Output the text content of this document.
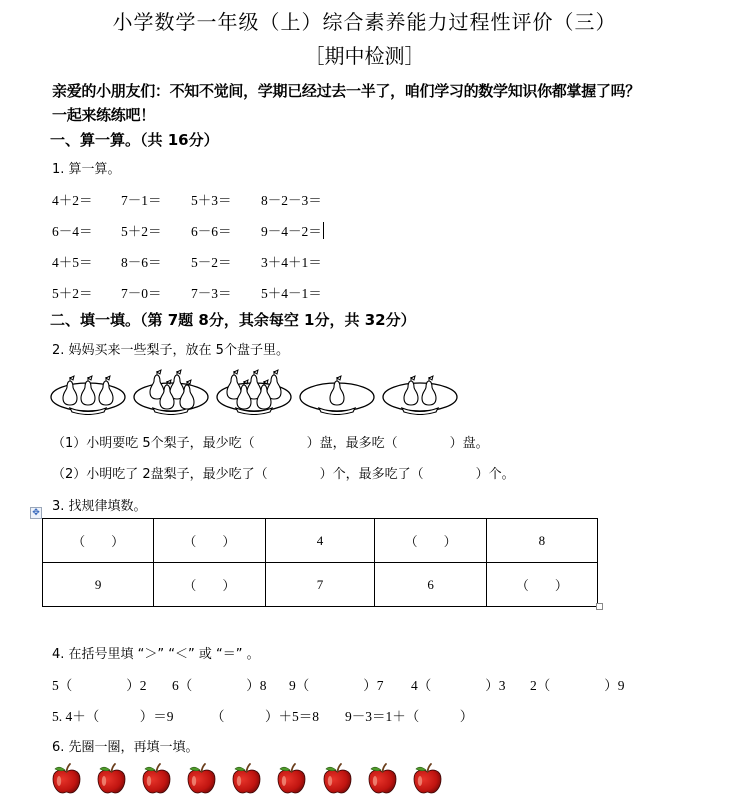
小学数学一年级（上）综合素养能力过程性评价（三）
［期中检测］
亲爱的小朋友们：不知不觉间，学期已经过去一半了，咱们学习的数学知识你都掌握了吗？
一起来练练吧！
一、算一算。（共 16分）
1. 算一算。
4＋2＝ 7－1＝ 5＋3＝ 8－2－3＝
6－4＝ 5＋2＝ 6－6＝ 9－4－2＝
4＋5＝ 8－6＝ 5－2＝ 3＋4＋1＝
5＋2＝ 7－0＝ 7－3＝ 5＋4－1＝
二、填一填。（第 7题 8分，其余每空 1分，共 32分）
2. 妈妈买来一些梨子，放在 5个盘子里。
（1）小明要吃 5个梨子，最少吃（　　　　）盘，最多吃（　　　　）盘。
（2）小明吃了 2盘梨子，最少吃了（　　　　）个，最多吃了（　　　　）个。
3. 找规律填数。
✥
（　　）	（　　）	4	（　　）	8
9	（　　）	7	6	（　　）
4. 在括号里填 “＞” “＜” 或 “＝” 。
5（　　　　）2 6（　　　　）8 9（　　　　）7 4（　　　　）3 2（　　　　）9
5. 4＋（　　　）＝9	（　　　）＋5＝8 9－3＝1＋（　　　）
6. 先圈一圈，再填一填。
